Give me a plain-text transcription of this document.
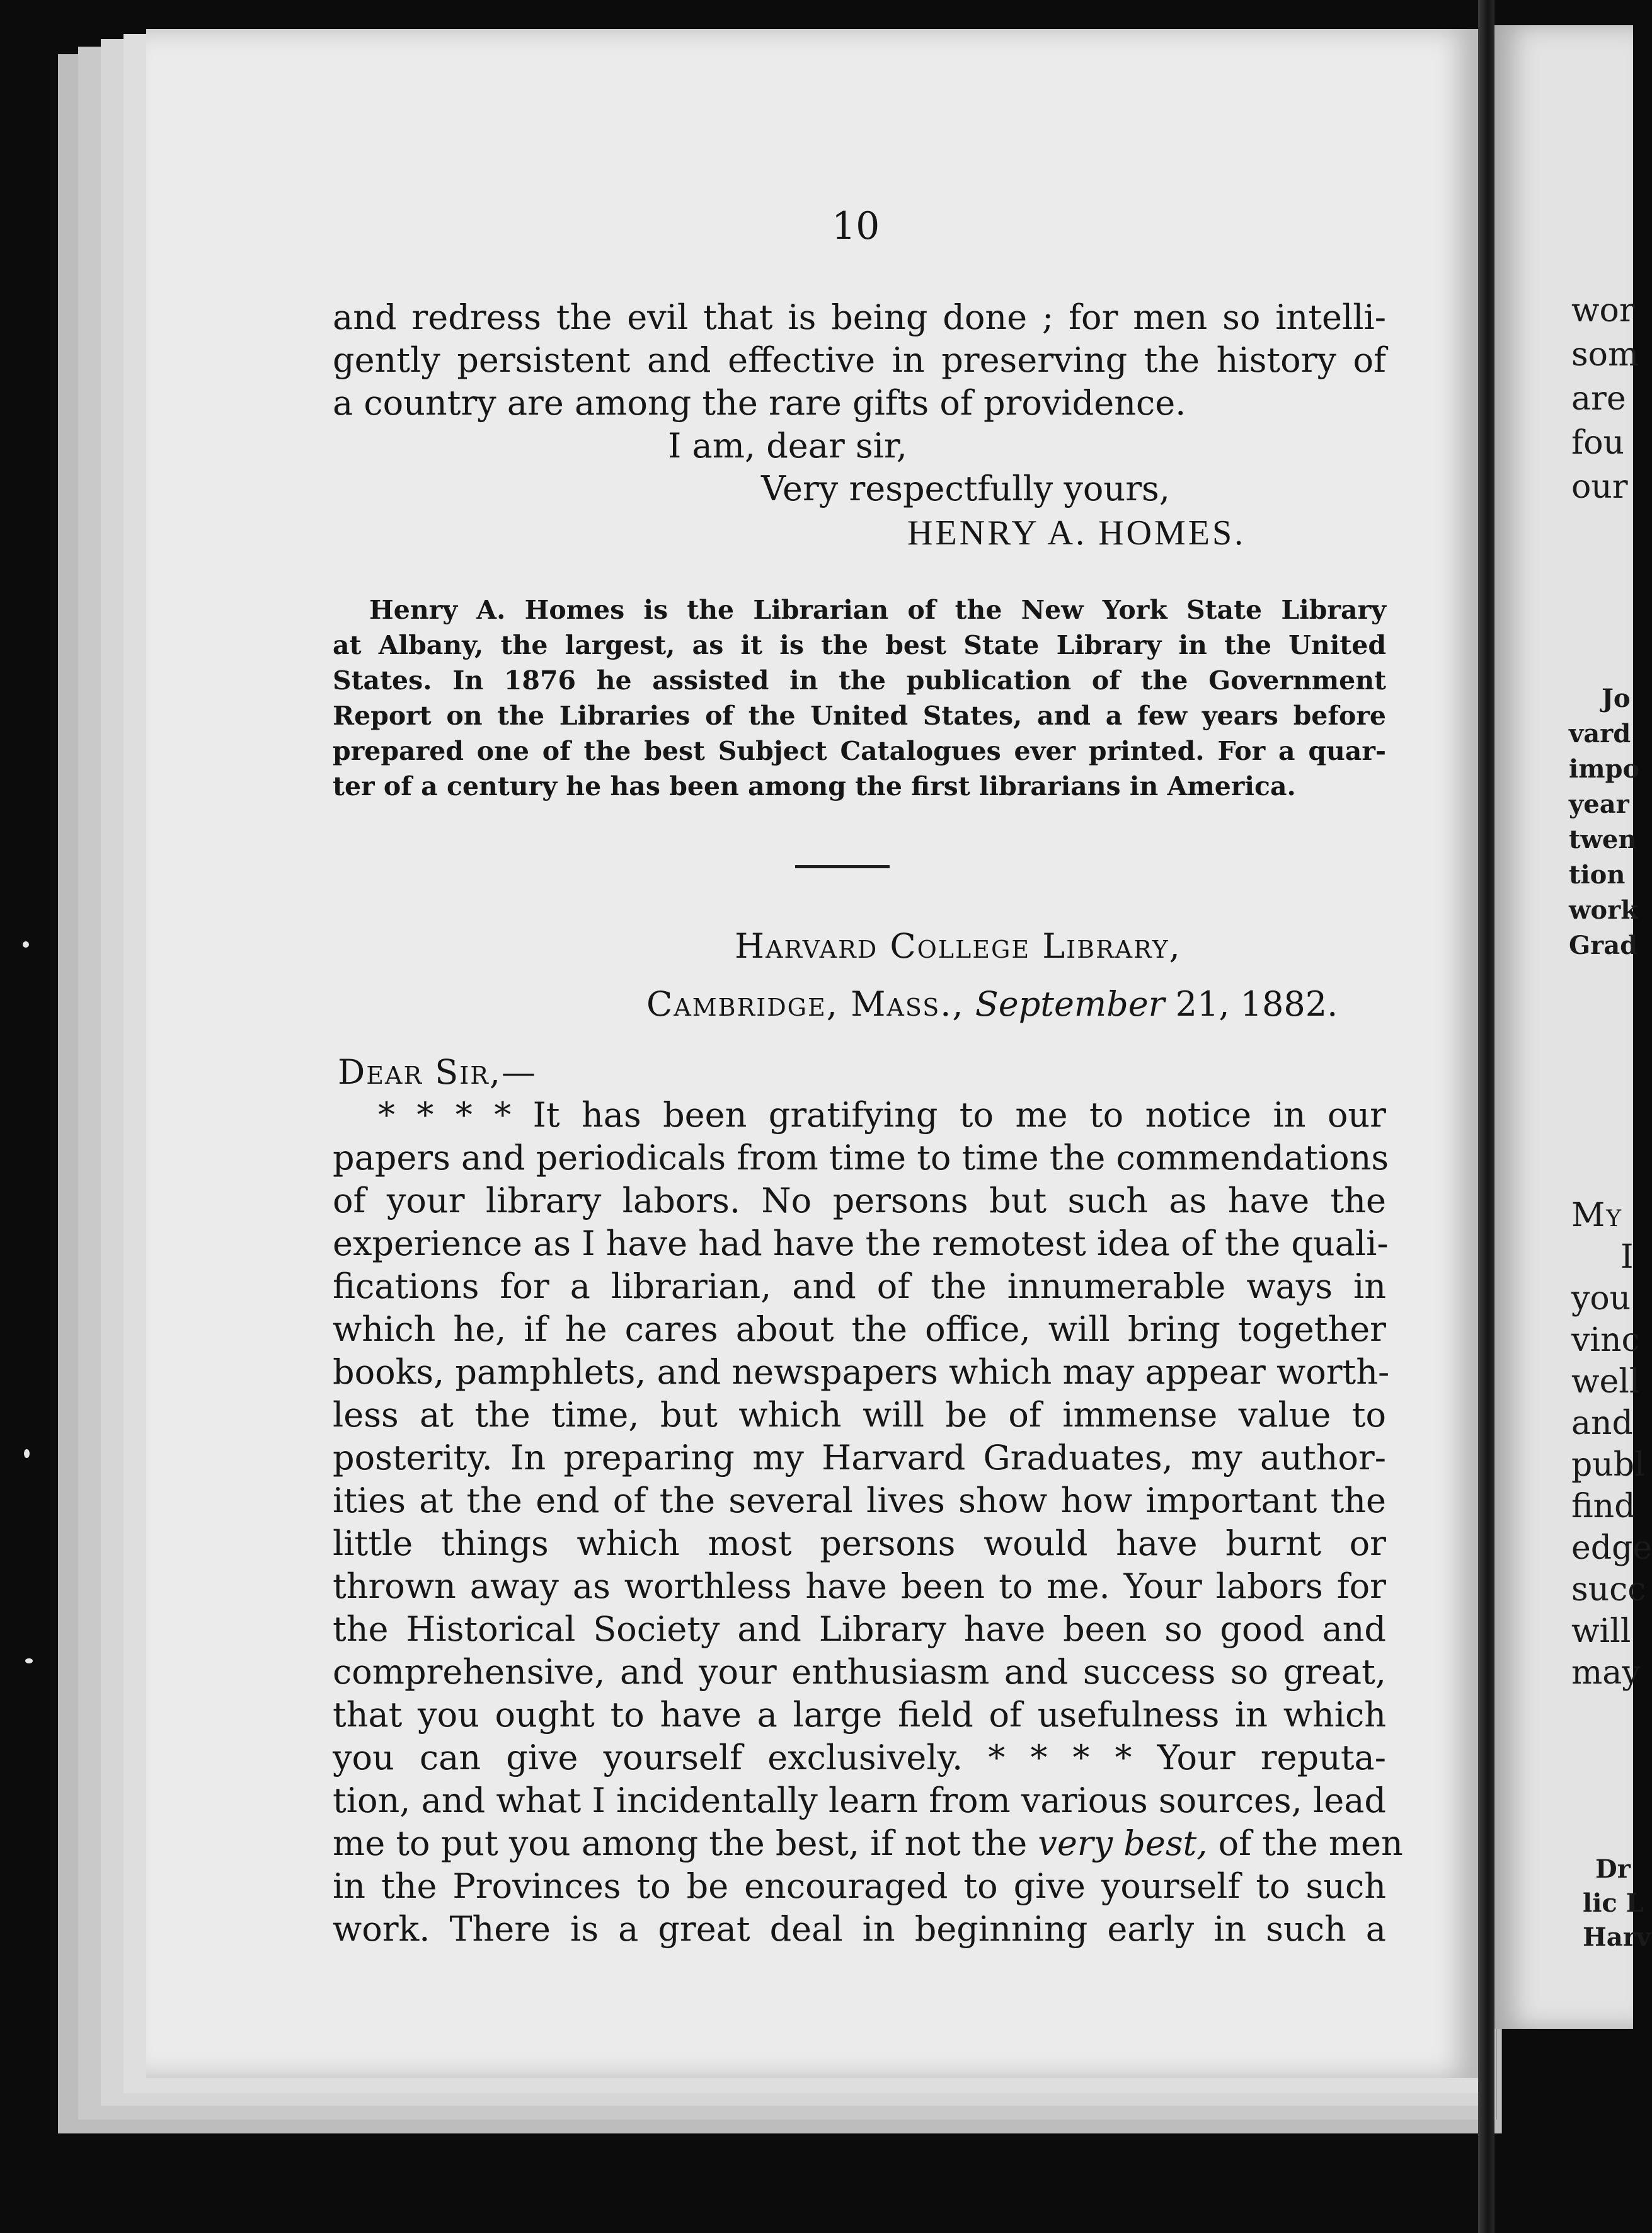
wor
som
are
fou
our
Jo
vard
impo
year
twen
tion
work
Grad
My
I
you
vinc
well
and
publ
find
edge
succ
will
may
Dr
lic L
Harv
10
and redress the evil that is being done ; for men so intelli-
gently persistent and effective in preserving the history of
a country are among the rare gifts of providence.
I am, dear sir,
Very respectfully yours,
HENRY A. HOMES.
Henry A. Homes is the Librarian of the New York State Library
at Albany, the largest, as it is the best State Library in the United
States. In 1876 he assisted in the publication of the Government
Report on the Libraries of the United States, and a few years before
prepared one of the best Subject Catalogues ever printed. For a quar-
ter of a century he has been among the first librarians in America.
Harvard College Library,
Cambridge, Mass., September 21, 1882.
Dear Sir,—
* * * * It has been gratifying to me to notice in our
papers and periodicals from time to time the commendations
of your library labors. No persons but such as have the
experience as I have had have the remotest idea of the quali-
fications for a librarian, and of the innumerable ways in
which he, if he cares about the office, will bring together
books, pamphlets, and newspapers which may appear worth-
less at the time, but which will be of immense value to
posterity. In preparing my Harvard Graduates, my author-
ities at the end of the several lives show how important the
little things which most persons would have burnt or
thrown away as worthless have been to me. Your labors for
the Historical Society and Library have been so good and
comprehensive, and your enthusiasm and success so great,
that you ought to have a large field of usefulness in which
you can give yourself exclusively. * * * * Your reputa-
tion, and what I incidentally learn from various sources, lead
me to put you among the best, if not the very best, of the men
in the Provinces to be encouraged to give yourself to such
work. There is a great deal in beginning early in such a
